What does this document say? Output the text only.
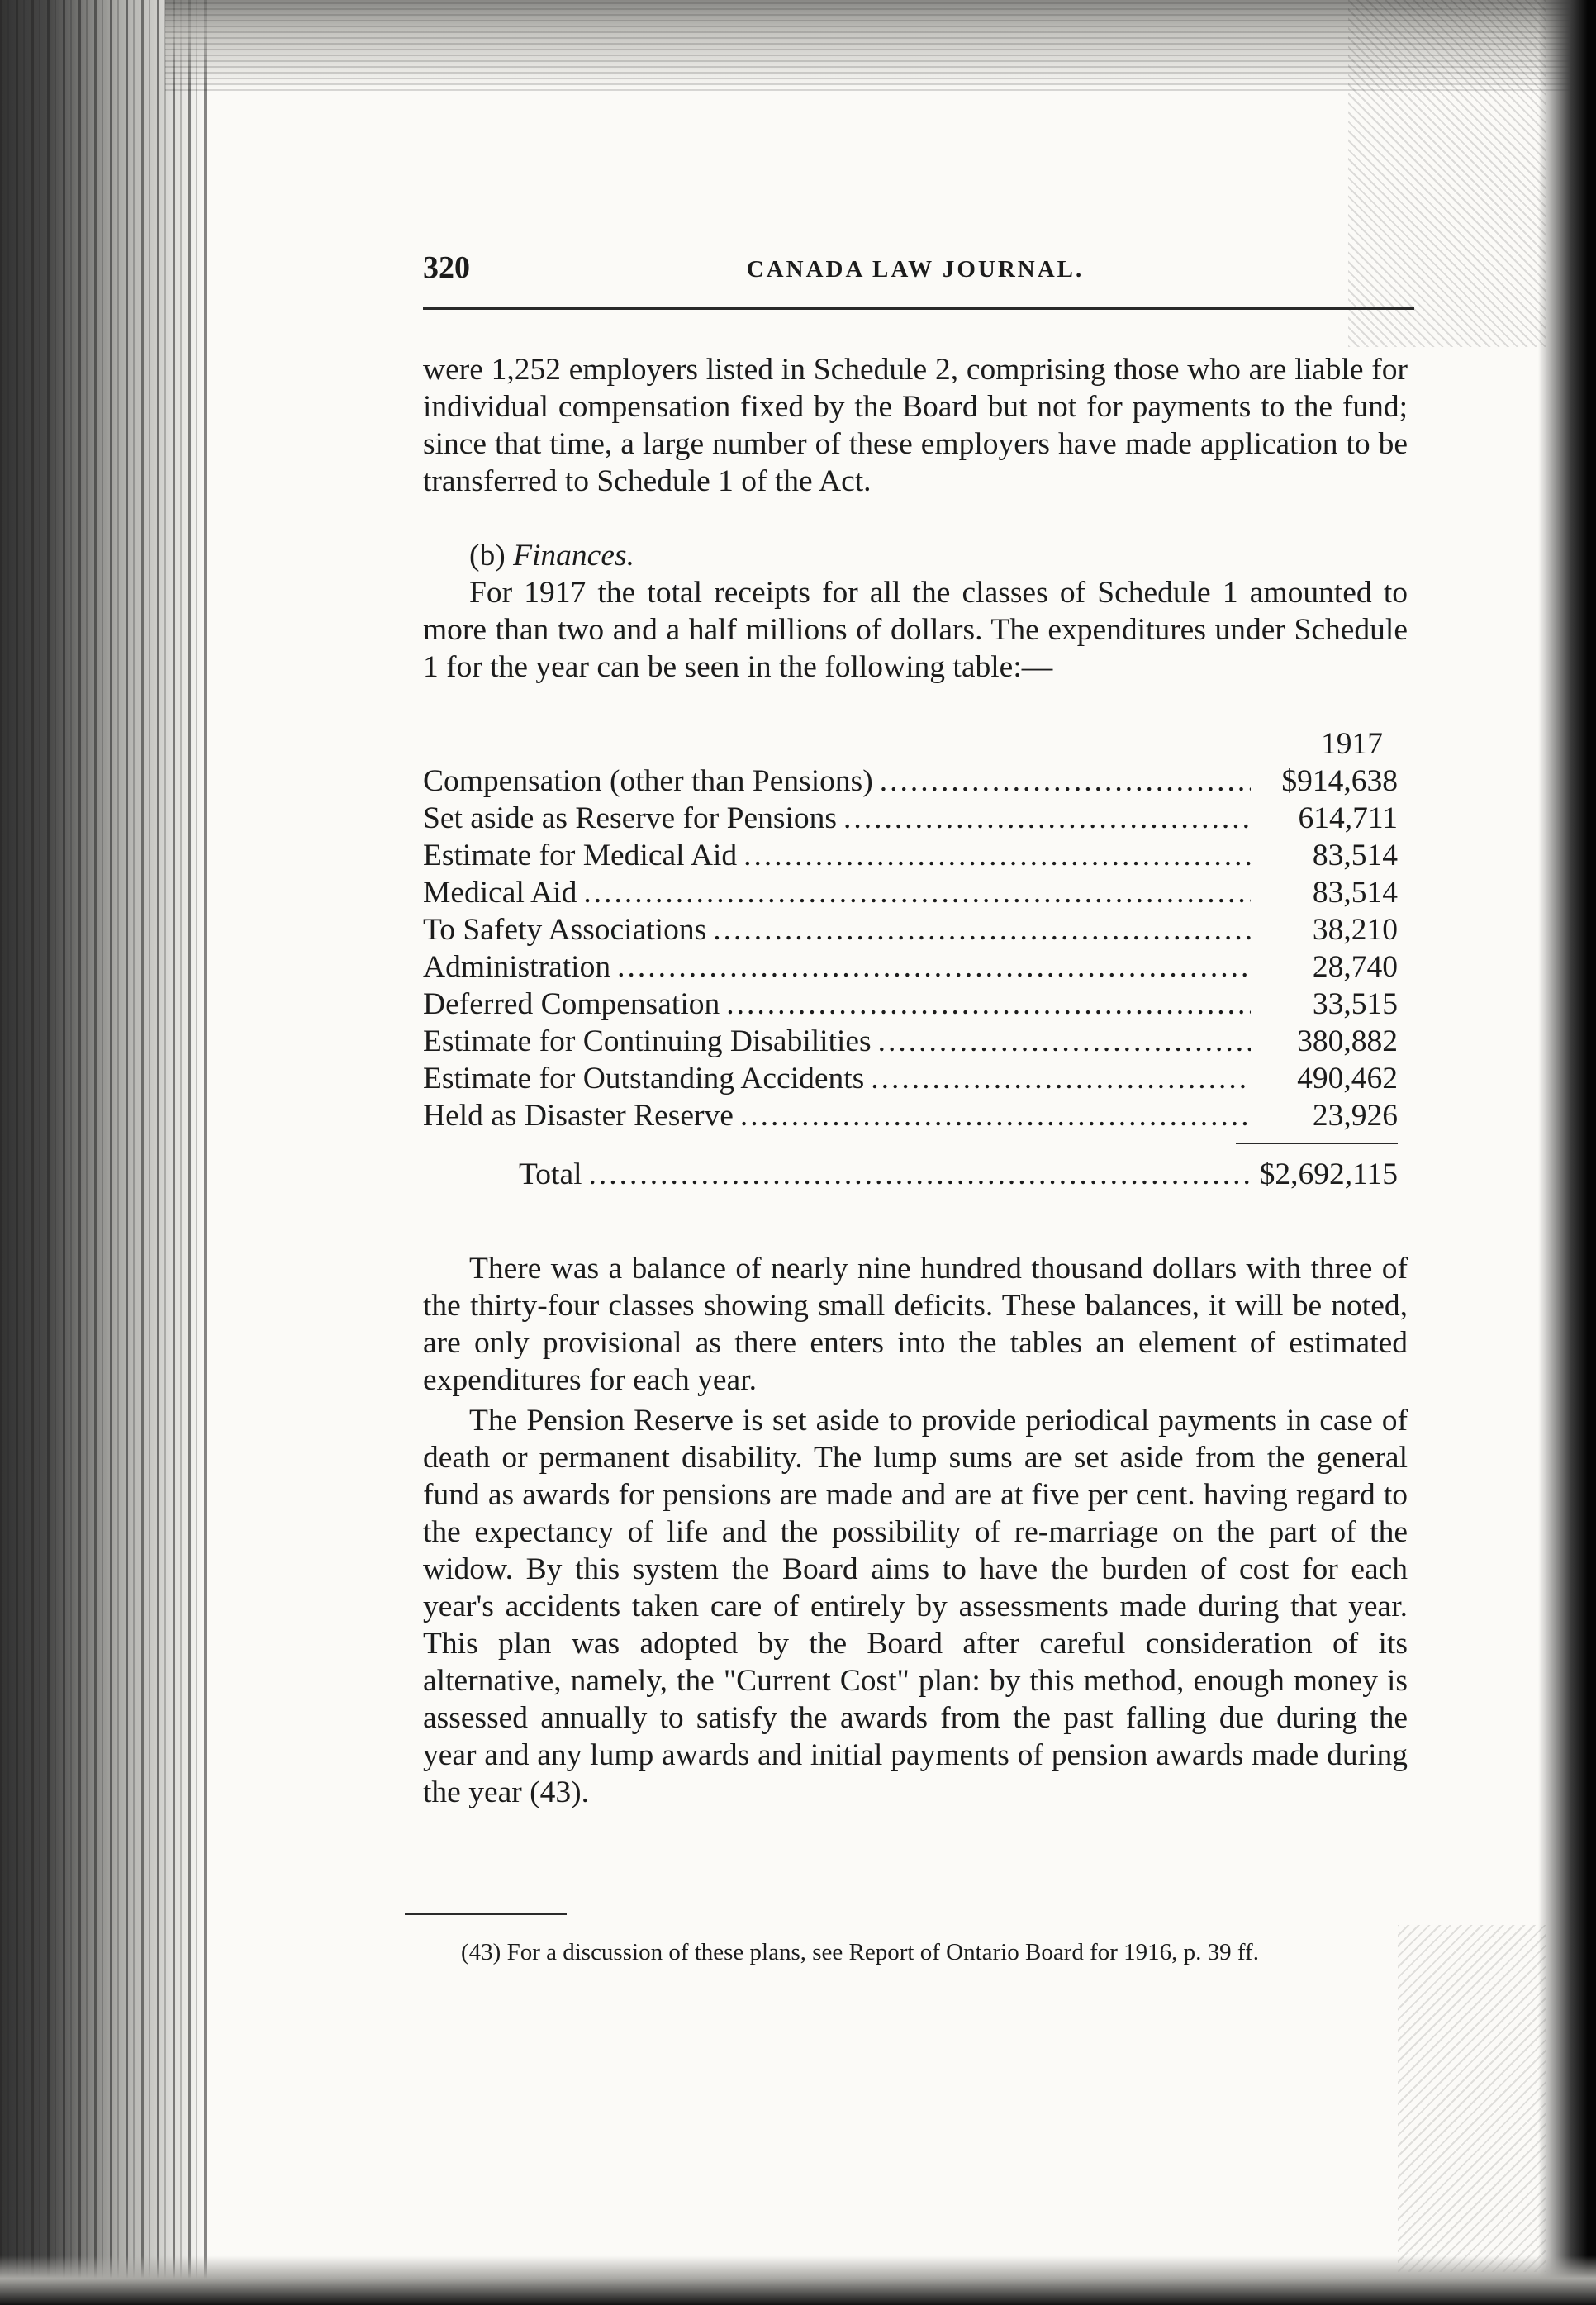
320	CANADA LAW JOURNAL.

were 1,252 employers listed in Schedule 2, comprising those who are liable for individual compensation fixed by the Board but not for payments to the fund; since that time, a large number of these employers have made application to be transferred to Schedule 1 of the Act.

(b) Finances.

For 1917 the total receipts for all the classes of Schedule 1 amounted to more than two and a half millions of dollars. The expenditures under Schedule 1 for the year can be seen in the following table:—

1917
Compensation (other than Pensions) .....	$914,638
Set aside as Reserve for Pensions .....	614,711
Estimate for Medical Aid .....	83,514
Medical Aid .....	83,514
To Safety Associations .....	38,210
Administration .....	28,740
Deferred Compensation .....	33,515
Estimate for Continuing Disabilities .....	380,882
Estimate for Outstanding Accidents .....	490,462
Held as Disaster Reserve .....	23,926
Total .....	$2,692,115

There was a balance of nearly nine hundred thousand dollars with three of the thirty-four classes showing small deficits. These balances, it will be noted, are only provisional as there enters into the tables an element of estimated expenditures for each year.

The Pension Reserve is set aside to provide periodical payments in case of death or permanent disability. The lump sums are set aside from the general fund as awards for pensions are made and are at five per cent. having regard to the expectancy of life and the possibility of re-marriage on the part of the widow. By this system the Board aims to have the burden of cost for each year's accidents taken care of entirely by assessments made during that year. This plan was adopted by the Board after careful consideration of its alternative, namely, the "Current Cost" plan: by this method, enough money is assessed annually to satisfy the awards from the past falling due during the year and any lump awards and initial payments of pension awards made during the year (43).

(43) For a discussion of these plans, see Report of Ontario Board for 1916, p. 39 ff.
